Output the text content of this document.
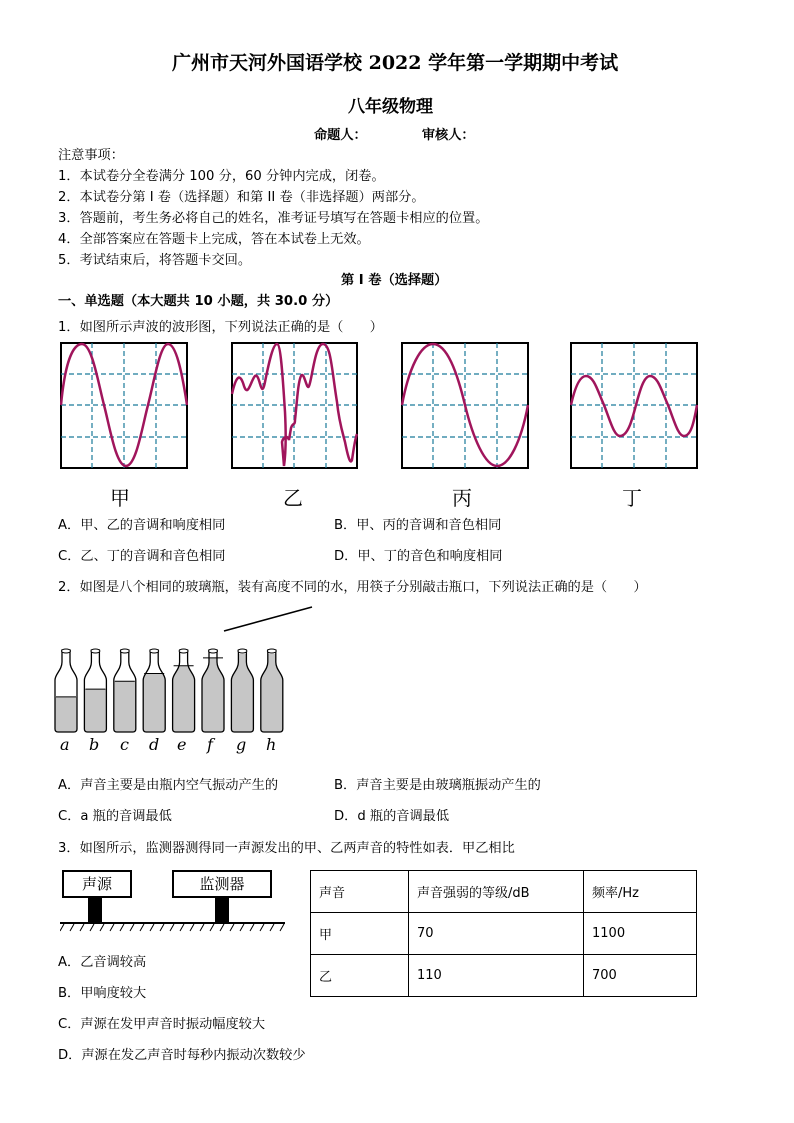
广州市天河外国语学校 2022 学年第一学期期中考试
八年级物理
命题人：            审核人：
注意事项：
1．本试卷分全卷满分 100 分，60 分钟内完成，闭卷。
2．本试卷分第 I 卷（选择题）和第 II 卷（非选择题）两部分。
3．答题前，考生务必将自己的姓名，准考证号填写在答题卡相应的位置。
4．全部答案应在答题卡上完成，答在本试卷上无效。
5．考试结束后，将答题卡交回。
第 I 卷（选择题）
一、单选题（本大题共 10 小题，共 30.0 分）
1．如图所示声波的波形图，下列说法正确的是（　　）
甲	乙	丙	丁
A．甲、乙的音调和响度相同	B．甲、丙的音调和音色相同
C．乙、丁的音调和音色相同	D．甲、丁的音色和响度相同
2．如图是八个相同的玻璃瓶，装有高度不同的水，用筷子分别敲击瓶口，下列说法正确的是（　　）
a b c d e f g h
A．声音主要是由瓶内空气振动产生的	B．声音主要是由玻璃瓶振动产生的
C．a 瓶的音调最低	D．d 瓶的音调最低
3．如图所示，监测器测得同一声源发出的甲、乙两声音的特性如表．甲乙相比
声源	监测器
声音	声音强弱的等级/dB	频率/Hz
甲	70	1100
乙	110	700
A．乙音调较高
B．甲响度较大
C．声源在发甲声音时振动幅度较大
D．声源在发乙声音时每秒内振动次数较少
